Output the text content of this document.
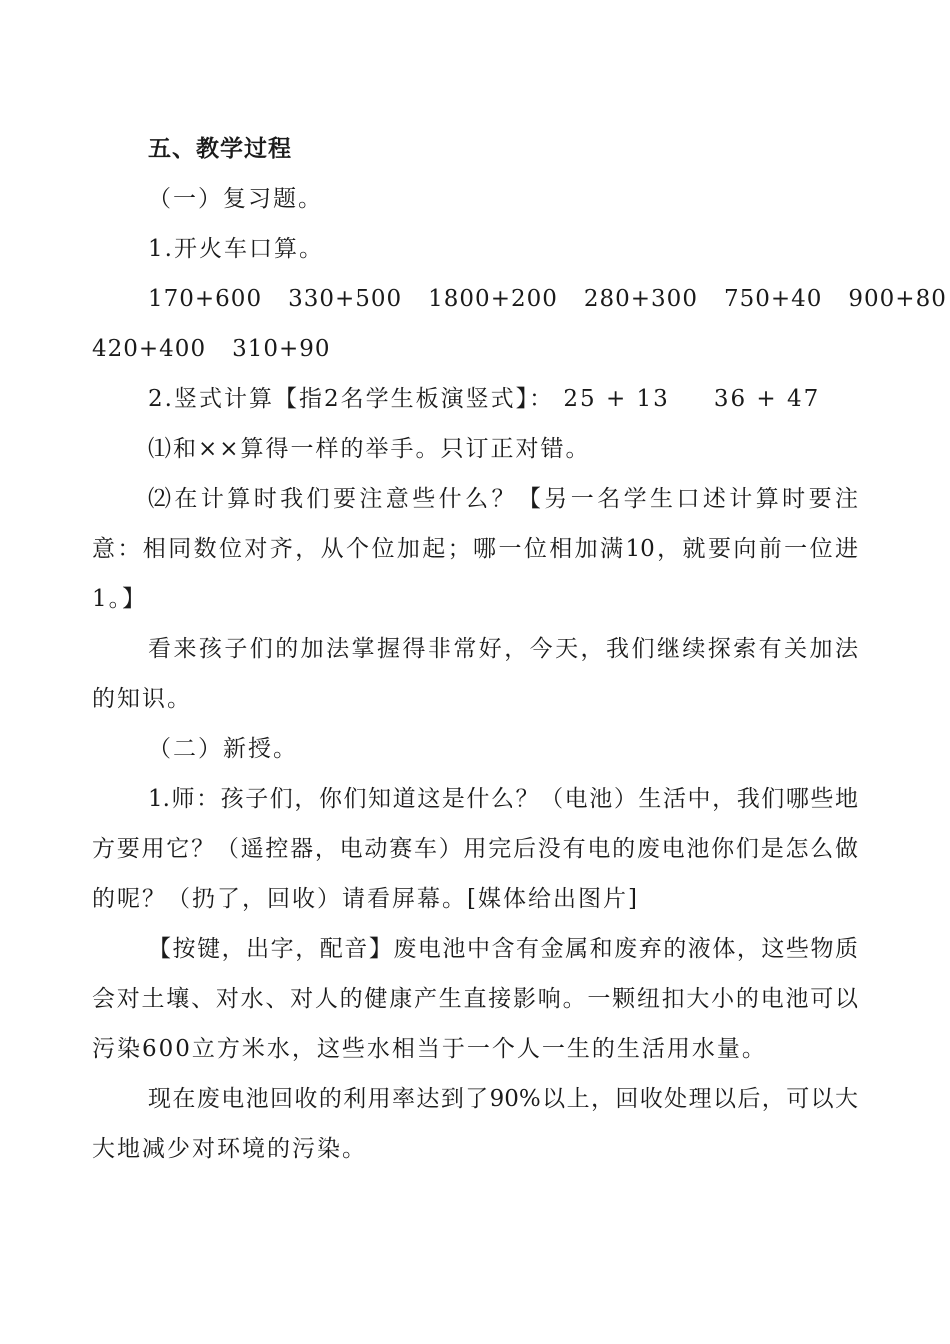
五、教学过程
（一）复习题。
1.开火车口算。
170+600 330+500 1800+200 280+300 750+40 900+80
420+400 310+90
2.竖式计算【指2名学生板演竖式】： 25 + 13 36 + 47
⑴和××算得一样的举手。只订正对错。
⑵在计算时我们要注意些什么？【另一名学生口述计算时要注
意：相同数位对齐，从个位加起；哪一位相加满10，就要向前一位进
1。】
看来孩子们的加法掌握得非常好，今天，我们继续探索有关加法
的知识。
（二）新授。
1.师：孩子们，你们知道这是什么？（电池）生活中，我们哪些地
方要用它？（遥控器，电动赛车）用完后没有电的废电池你们是怎么做
的呢？（扔了，回收）请看屏幕。[媒体给出图片]
【按键，出字，配音】废电池中含有金属和废弃的液体，这些物质
会对土壤、对水、对人的健康产生直接影响。一颗纽扣大小的电池可以
污染600立方米水，这些水相当于一个人一生的生活用水量。
现在废电池回收的利用率达到了90%以上，回收处理以后，可以大
大地减少对环境的污染。
